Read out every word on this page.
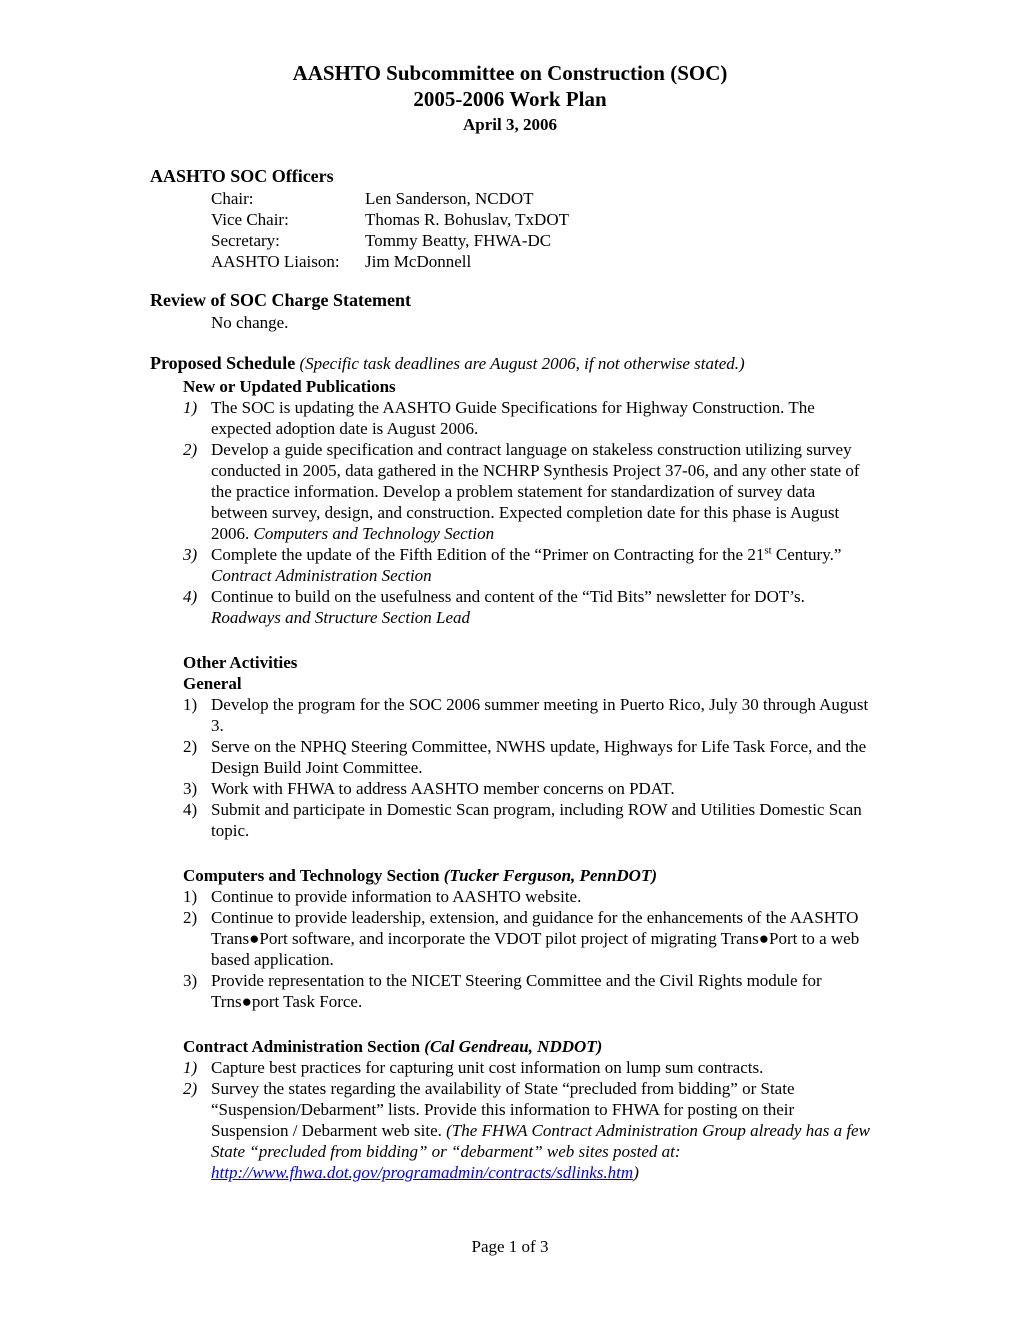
AASHTO Subcommittee on Construction (SOC)
2005-2006 Work Plan
April 3, 2006
AASHTO SOC Officers
Chair:	Len Sanderson, NCDOT
Vice Chair:	Thomas R. Bohuslav, TxDOT
Secretary:	Tommy Beatty, FHWA-DC
AASHTO Liaison:	Jim McDonnell
Review of SOC Charge Statement
No change.
Proposed Schedule (Specific task deadlines are August 2006, if not otherwise stated.)
New or Updated Publications
1) The SOC is updating the AASHTO Guide Specifications for Highway Construction. The expected adoption date is August 2006.
2) Develop a guide specification and contract language on stakeless construction utilizing survey conducted in 2005, data gathered in the NCHRP Synthesis Project 37-06, and any other state of the practice information. Develop a problem statement for standardization of survey data between survey, design, and construction. Expected completion date for this phase is August 2006. Computers and Technology Section
3) Complete the update of the Fifth Edition of the “Primer on Contracting for the 21st Century.” Contract Administration Section
4) Continue to build on the usefulness and content of the “Tid Bits” newsletter for DOT’s. Roadways and Structure Section Lead
Other Activities
General
1) Develop the program for the SOC 2006 summer meeting in Puerto Rico, July 30 through August 3.
2) Serve on the NPHQ Steering Committee, NWHS update, Highways for Life Task Force, and the Design Build Joint Committee.
3) Work with FHWA to address AASHTO member concerns on PDAT.
4) Submit and participate in Domestic Scan program, including ROW and Utilities Domestic Scan topic.
Computers and Technology Section (Tucker Ferguson, PennDOT)
1) Continue to provide information to AASHTO website.
2) Continue to provide leadership, extension, and guidance for the enhancements of the AASHTO Trans●Port software, and incorporate the VDOT pilot project of migrating Trans●Port to a web based application.
3) Provide representation to the NICET Steering Committee and the Civil Rights module for Trns●port Task Force.
Contract Administration Section (Cal Gendreau, NDDOT)
1) Capture best practices for capturing unit cost information on lump sum contracts.
2) Survey the states regarding the availability of State “precluded from bidding” or State “Suspension/Debarment” lists. Provide this information to FHWA for posting on their Suspension / Debarment web site. (The FHWA Contract Administration Group already has a few State “precluded from bidding” or “debarment” web sites posted at: http://www.fhwa.dot.gov/programadmin/contracts/sdlinks.htm)
Page 1 of 3
